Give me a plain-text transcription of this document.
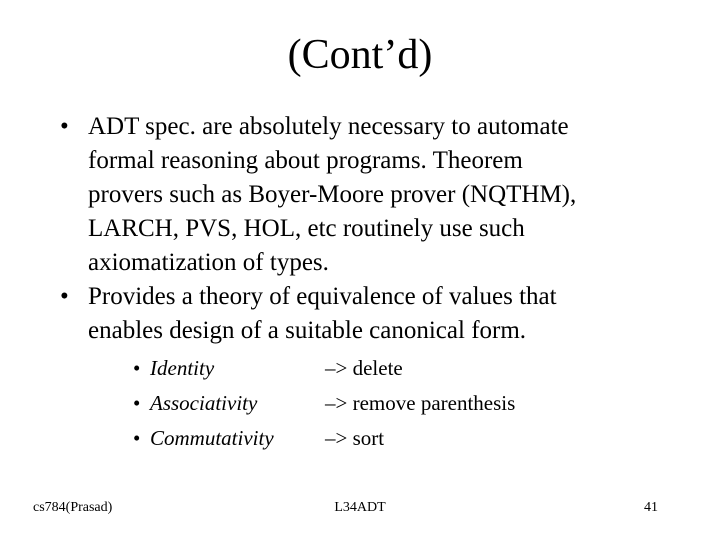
(Cont’d)
• ADT spec. are absolutely necessary to automate
formal reasoning about programs. Theorem
provers such as Boyer-Moore prover (NQTHM),
LARCH, PVS, HOL, etc routinely use such
axiomatization of types.
• Provides a theory of equivalence of values that
enables design of a suitable canonical form.
• Identity	–> delete
• Associativity	–> remove parenthesis
• Commutativity –> sort
cs784(Prasad)	L34ADT	41
